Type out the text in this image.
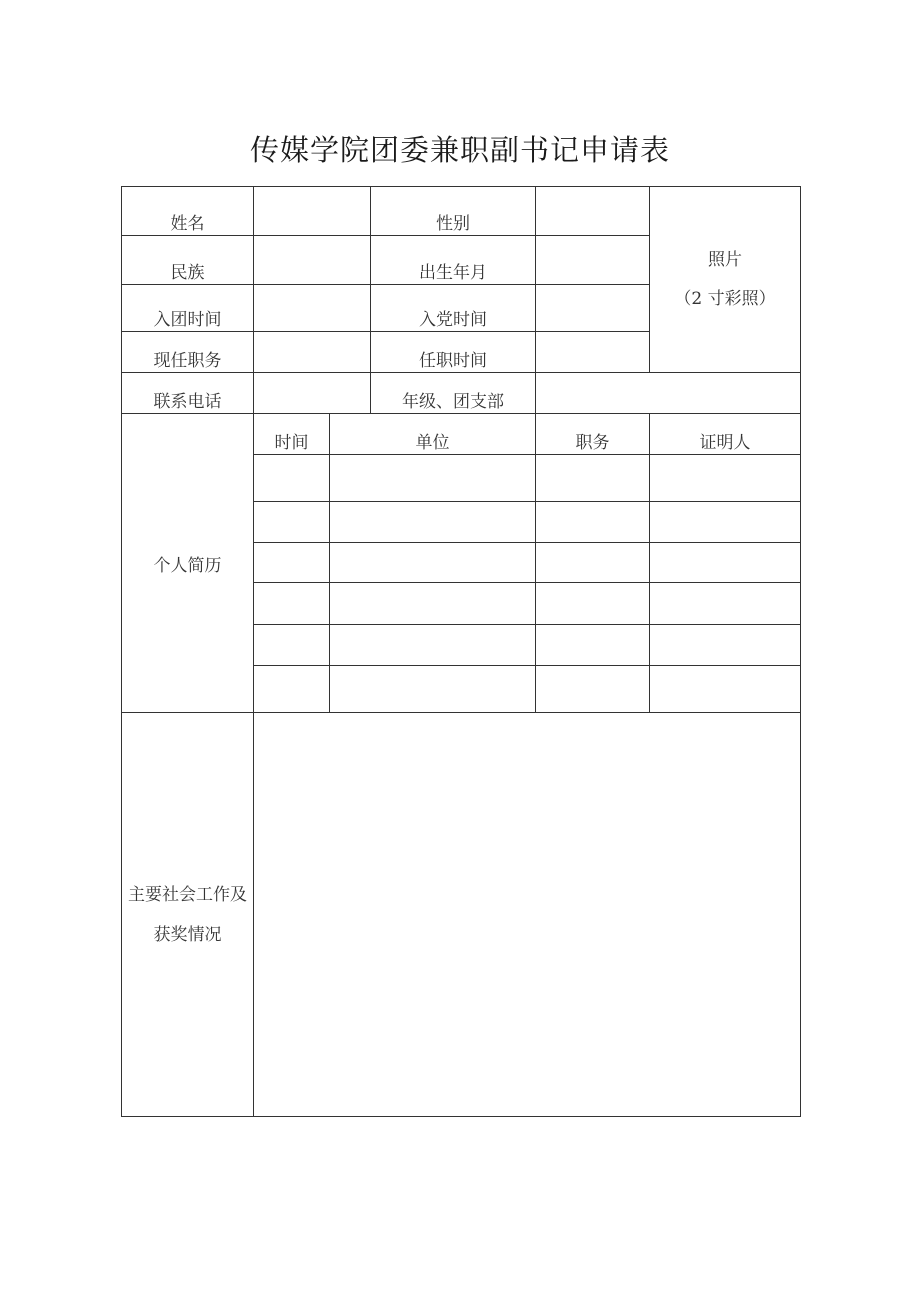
传媒学院团委兼职副书记申请表
姓名			性别		照片
（2 寸彩照）

民族			出生年月		
入团时间			入党时间		
现任职务			任职时间		
联系电话			年级、团支部		
个人简历	时间	单位		职务	证明人

主要社会工作及
获奖情况					
